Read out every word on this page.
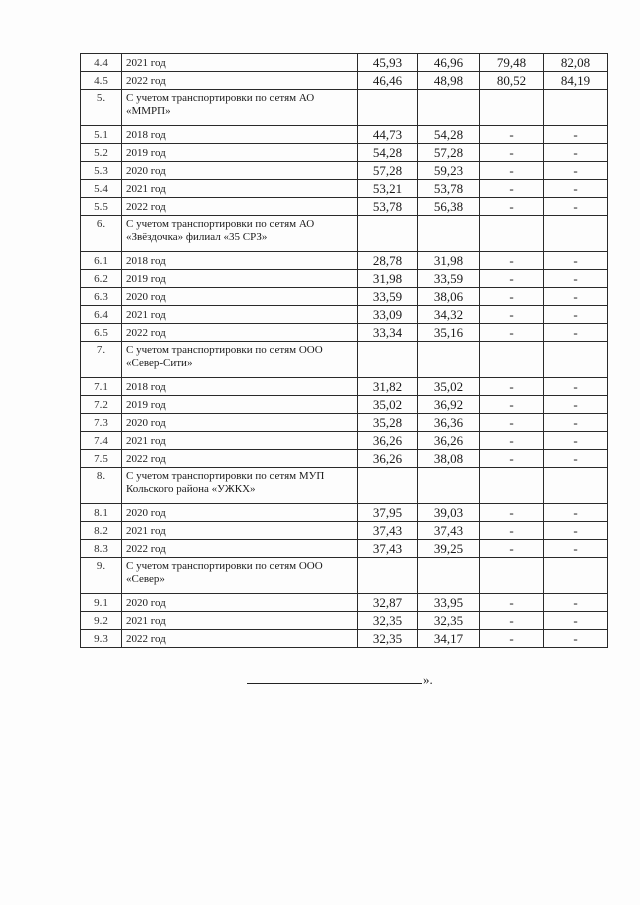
4.4	2021 год	45,93	46,96	79,48	82,08
4.5	2022 год	46,46	48,98	80,52	84,19
5.	С учетом транспортировки по сетям АО «ММРП»				
5.1	2018 год	44,73	54,28	-	-
5.2	2019 год	54,28	57,28	-	-
5.3	2020 год	57,28	59,23	-	-
5.4	2021 год	53,21	53,78	-	-
5.5	2022 год	53,78	56,38	-	-
6.	С учетом транспортировки по сетям АО «Звёздочка» филиал «35 СРЗ»				
6.1	2018 год	28,78	31,98	-	-
6.2	2019 год	31,98	33,59	-	-
6.3	2020 год	33,59	38,06	-	-
6.4	2021 год	33,09	34,32	-	-
6.5	2022 год	33,34	35,16	-	-
7.	С учетом транспортировки по сетям ООО «Север-Сити»				
7.1	2018 год	31,82	35,02	-	-
7.2	2019 год	35,02	36,92	-	-
7.3	2020 год	35,28	36,36	-	-
7.4	2021 год	36,26	36,26	-	-
7.5	2022 год	36,26	38,08	-	-
8.	С учетом транспортировки по сетям МУП Кольского района «УЖКХ»				
8.1	2020 год	37,95	39,03	-	-
8.2	2021 год	37,43	37,43	-	-
8.3	2022 год	37,43	39,25	-	-
9.	С учетом транспортировки по сетям ООО «Север»				
9.1	2020 год	32,87	33,95	-	-
9.2	2021 год	32,35	32,35	-	-
9.3	2022 год	32,35	34,17	-	-
».
